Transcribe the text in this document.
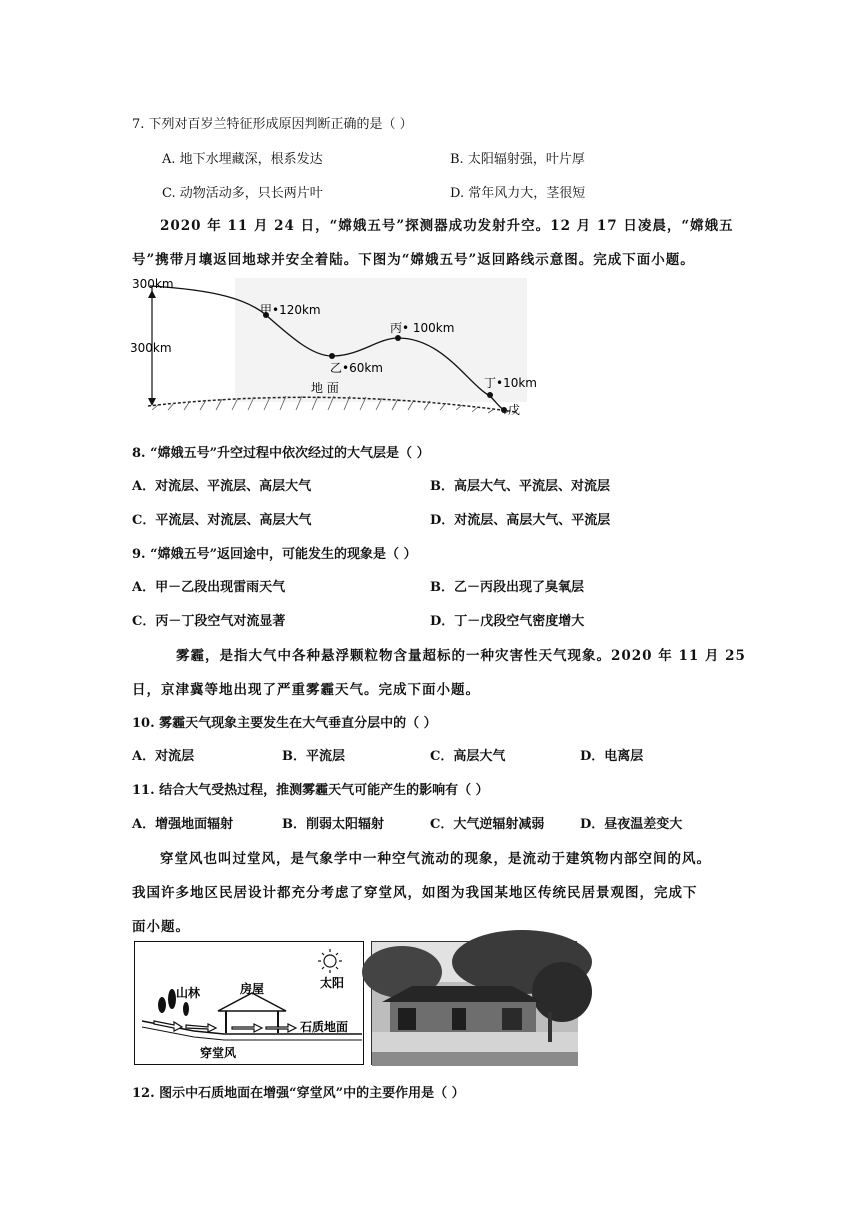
7. 下列对百岁兰特征形成原因判断正确的是（ ）
A. 地下水埋藏深，根系发达	B. 太阳辐射强，叶片厚
C. 动物活动多，只长两片叶	D. 常年风力大，茎很短
2020 年 11 月 24 日，“嫦娥五号”探测器成功发射升空。12 月 17 日凌晨，“嫦娥五
号”携带月壤返回地球并安全着陆。下图为“嫦娥五号”返回路线示意图。完成下面小题。
300km
300km
甲•120km
乙•60km
丙• 100km
丁•10km
戊
地 面
8. “嫦娥五号”升空过程中依次经过的大气层是（ ）
A．对流层、平流层、高层大气	B．高层大气、平流层、对流层
C．平流层、对流层、高层大气	D．对流层、高层大气、平流层
9. “嫦娥五号”返回途中，可能发生的现象是（ ）
A．甲－乙段出现雷雨天气	B．乙－丙段出现了臭氧层
C．丙－丁段空气对流显著	D．丁－戊段空气密度增大
雾霾，是指大气中各种悬浮颗粒物含量超标的一种灾害性天气现象。2020 年 11 月 25
日，京津冀等地出现了严重雾霾天气。完成下面小题。
10. 雾霾天气现象主要发生在大气垂直分层中的（ ）
A．对流层	B．平流层	C．高层大气	D．电离层
11. 结合大气受热过程，推测雾霾天气可能产生的影响有（ ）
A．增强地面辐射	B．削弱太阳辐射	C．大气逆辐射减弱	D．昼夜温差变大
穿堂风也叫过堂风，是气象学中一种空气流动的现象，是流动于建筑物内部空间的风。
我国许多地区民居设计都充分考虑了穿堂风，如图为我国某地区传统民居景观图，完成下
面小题。
太阳
山林	房屋
石质地面
穿堂风
12. 图示中石质地面在增强“穿堂风”中的主要作用是（ ）
